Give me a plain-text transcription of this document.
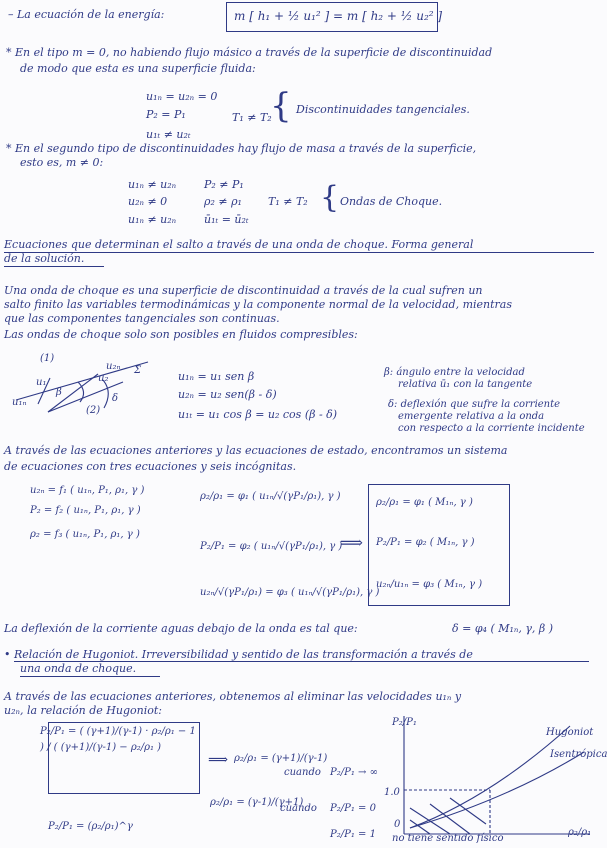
– La ecuación de la energía:	m [ h₁ + ½ u₁² ] = m [ h₂ + ½ u₂² ]
* En el tipo m = 0, no habiendo flujo másico a través de la superficie de discontinuidad
de modo que esta es una superficie fluida:
u₁ₙ = u₂ₙ = 0
P₂ = P₁
u₁ₜ ≠ u₂ₜ
T₁ ≠ T₂
{ Discontinuidades tangenciales.
* En el segundo tipo de discontinuidades hay flujo de masa a través de la superficie,
esto es, m ≠ 0:
u₁ₙ ≠ u₂ₙ
u₂ₙ ≠ 0
u₁ₙ ≠ u₂ₙ
P₂ ≠ P₁
ρ₂ ≠ ρ₁
ū₁ₜ = ū₂ₜ
T₁ ≠ T₂ { Ondas de Choque.
Ecuaciones que determinan el salto a través de una onda de choque. Forma general
de la solución.
Una onda de choque es una superficie de discontinuidad a través de la cual sufren un
salto finito las variables termodinámicas y la componente normal de la velocidad, mientras
que las componentes tangenciales son continuas.
Las ondas de choque solo son posibles en fluidos compresibles:
(1)
(2)
u₁ₙ
u₁
β
δ
u₂
u₂ₙ Σ	u₁ₙ = u₁ sen β
u₂ₙ = u₂ sen(β - δ)
u₁ₜ = u₁ cos β = u₂ cos (β - δ)
β: ángulo entre la velocidad
relativa ū₁ con la tangente
δ: deflexión que sufre la corriente
emergente relativa a la onda
con respecto a la corriente incidente
A través de las ecuaciones anteriores y las ecuaciones de estado, encontramos un sistema
de ecuaciones con tres ecuaciones y seis incógnitas.
u₂ₙ = f₁ ( u₁ₙ, P₁, ρ₁, γ )
P₂ = f₂ ( u₁ₙ, P₁, ρ₁, γ )
ρ₂ = f₃ ( u₁ₙ, P₁, ρ₁, γ )
ρ₂/ρ₁ = φ₁ ( u₁ₙ/√(γP₁/ρ₁), γ )
P₂/P₁ = φ₂ ( u₁ₙ/√(γP₁/ρ₁), γ )
u₂ₙ/√(γP₁/ρ₁) = φ₃ ( u₁ₙ/√(γP₁/ρ₁), γ )
⟹
ρ₂/ρ₁ = φ₁ ( M₁ₙ, γ )
P₂/P₁ = φ₂ ( M₁ₙ, γ )
u₂ₙ/u₁ₙ = φ₃ ( M₁ₙ, γ )
La deflexión de la corriente aguas debajo de la onda es tal que:	δ = φ₄ ( M₁ₙ, γ, β )
• Relación de Hugoniot. Irreversibilidad y sentido de las transformación a través de
una onda de choque.
A través de las ecuaciones anteriores, obtenemos al eliminar las velocidades u₁ₙ y
u₂ₙ, la relación de Hugoniot:
P₂/P₁ = ( (γ+1)/(γ-1) · ρ₂/ρ₁ − 1 ) / ( (γ+1)/(γ-1) − ρ₂/ρ₁ )
⟹ ρ₂/ρ₁ = (γ+1)/(γ-1)
cuando P₂/P₁ → ∞
ρ₂/ρ₁ = (γ-1)/(γ+1)
cuando P₂/P₁ = 0
P₂/P₁ = (ρ₂/ρ₁)^γ
P₂/P₁ = 1
P₂/P₁
ρ₂/ρ₁
Hugoniot
Isentrópica
1.0
no tiene sentido físico
0
